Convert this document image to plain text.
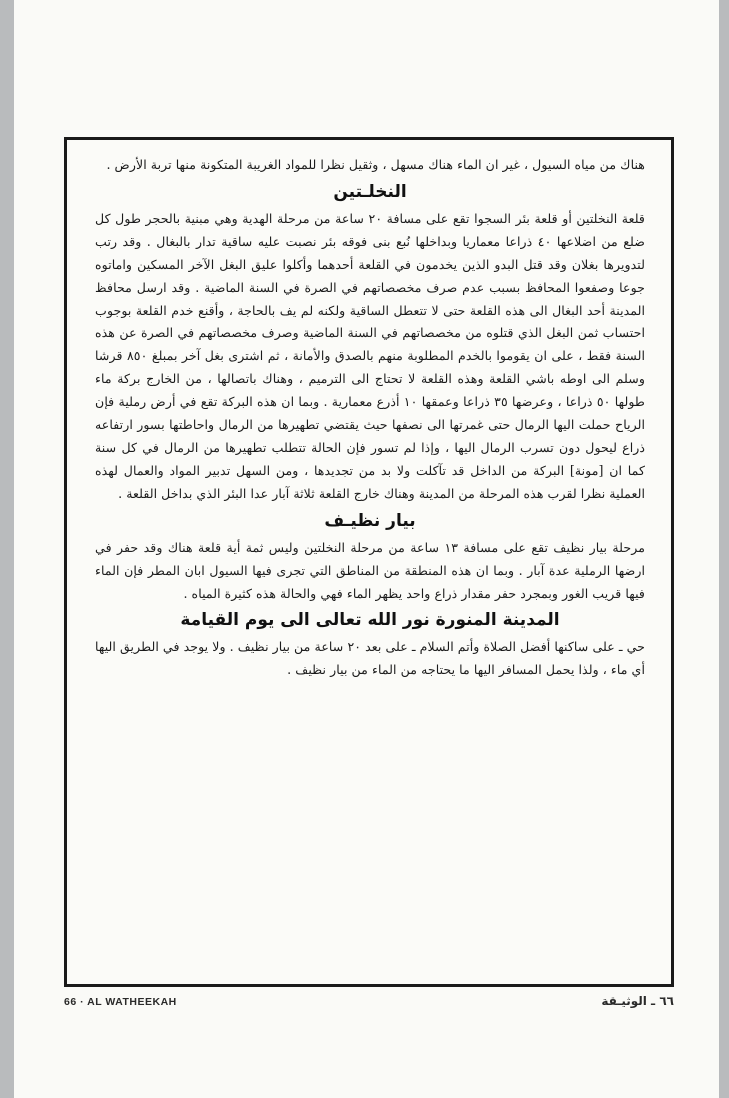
هناك من مياه السيول ، غير ان الماء هناك مسهل ، وثقيل نظرا للمواد الغريبة المتكونة منها تربة الأرض .

النخلـتين

قلعة النخلتين أو قلعة بئر السجوا تقع على مسافة ٢٠ ساعة من مرحلة الهدية وهي مبنية بالحجر طول كل ضلع من اضلاعها ٤٠ ذراعا معماريا وبداخلها نُبع بنى فوقه بئر نصبت عليه ساقية تدار بالبغال . وقد رتب لتدويرها بغلان وقد قتل البدو الذين يخدمون في القلعة أحدهما وأكلوا عليق البغل الآخر المسكين واماتوه جوعا وصفعوا المحافظ بسبب عدم صرف مخصصاتهم في الصرة في السنة الماضية . وقد ارسل محافظ المدينة أحد البغال الى هذه القلعة حتى لا تتعطل الساقية ولكنه لم يف بالحاجة ، وأقنع خدم القلعة بوجوب احتساب ثمن البغل الذي قتلوه من مخصصاتهم في السنة الماضية وصرف مخصصاتهم في الصرة عن هذه السنة فقط ، على ان يقوموا بالخدم المطلوبة منهم بالصدق والأمانة ، ثم اشترى بغل آخر بمبلغ ٨٥٠ قرشا وسلم الى اوطه باشي القلعة وهذه القلعة لا تحتاج الى الترميم ، وهناك باتصالها ، من الخارج بركة ماء طولها ٥٠ ذراعا ، وعرضها ٣٥ ذراعا وعمقها ١٠ أذرع معمارية . وبما ان هذه البركة تقع في أرض رملية فإن الرياح حملت اليها الرمال حتى غمرتها الى نصفها حيث يقتضي تطهيرها من الرمال واحاطتها بسور ارتفاعه ذراع ليحول دون تسرب الرمال اليها ، وإذا لم تسور فإن الحالة تتطلب تطهيرها من الرمال في كل سنة كما ان [مونة] البركة من الداخل قد تآكلت ولا بد من تجديدها ، ومن السهل تدبير المواد والعمال لهذه العملية نظرا لقرب هذه المرحلة من المدينة وهناك خارج القلعة ثلاثة آبار عدا البئر الذي بداخل القلعة .

بيار نظيـف

مرحلة بيار نظيف تقع على مسافة ١٣ ساعة من مرحلة النخلتين وليس ثمة أية قلعة هناك وقد حفر في ارضها الرملية عدة آبار . وبما ان هذه المنطقة من المناطق التي تجرى فيها السيول ابان المطر فإن الماء فيها قريب الغور وبمجرد حفر مقدار ذراع واحد يظهر الماء فهي والحالة هذه كثيرة المياه .

المدينة المنورة نور الله تعالى الى يوم القيامة

حي ـ على ساكنها أفضل الصلاة وأتم السلام ـ على بعد ٢٠ ساعة من بيار نظيف . ولا يوجد في الطريق اليها أي ماء ، ولذا يحمل المسافر اليها ما يحتاجه من الماء من بيار نظيف .

66 · AL WATHEEKAH	٦٦ ـ الوثيـقة
